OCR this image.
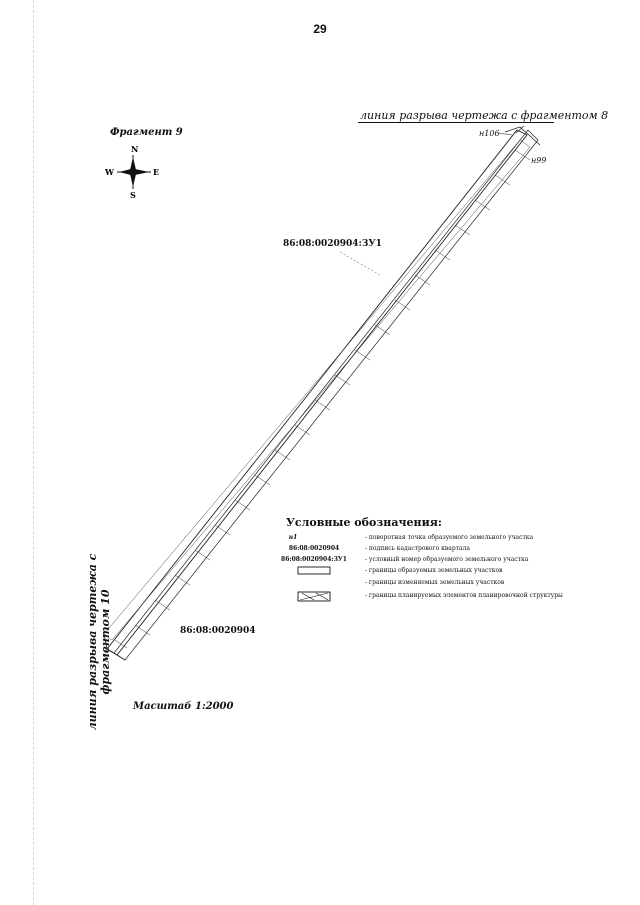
29
Фрагмент 9
линия разрыва чертежа с фрагментом 8
линия разрыва чертежа с фрагментом 10
N
S
W	E
н106
н99
86:08:0020904:ЗУ1
86:08:0020904
Условные обозначения:
н1	- поворотная точка образуемого земельного участка
86:08:0020904	- подпись кадастрового квартала
86:08:0020904:ЗУ1	- условный номер образуемого земельного участка
- границы образуемых земельных участков
- границы изменяемых земельных участков
- границы планируемых элементов планировочной структуры
Масштаб 1:2000
